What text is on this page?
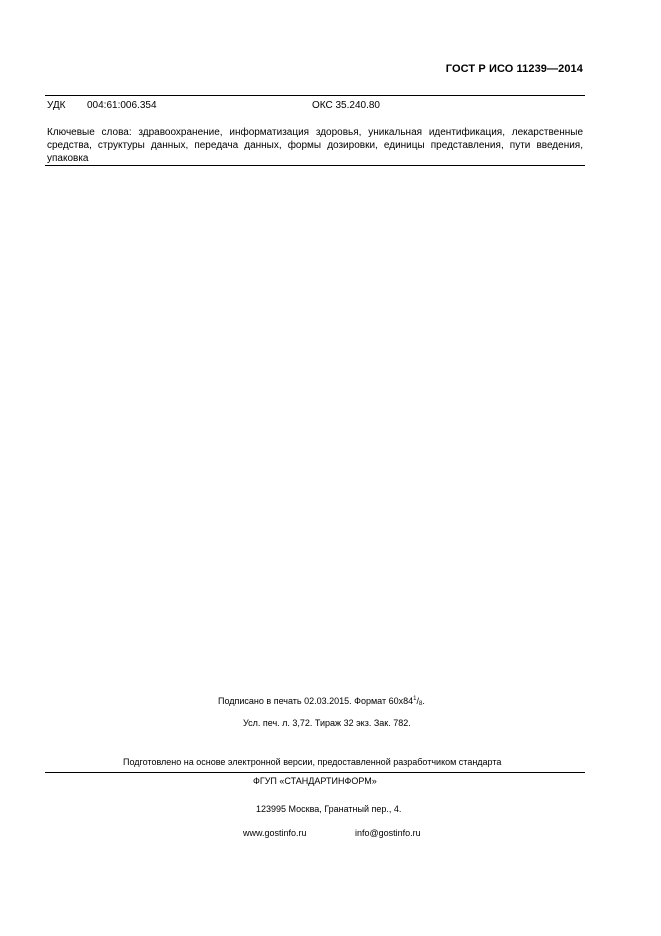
ГОСТ Р ИСО 11239—2014
УДК 004:61:006.354	ОКС 35.240.80
Ключевые слова: здравоохранение, информатизация здоровья, уникальная идентификация, лекарственные средства, структуры данных, передача данных, формы дозировки, единицы представления, пути введения, упаковка
Подписано в печать 02.03.2015. Формат $60х84^1/_8$.
Усл. печ. л. 3,72. Тираж 32 экз. Зак. 782.
Подготовлено на основе электронной версии, предоставленной разработчиком стандарта
ФГУП «СТАНДАРТИНФОРМ»
123995 Москва, Гранатный пер., 4.
www.gostinfo.ru	info@gostinfo.ru
